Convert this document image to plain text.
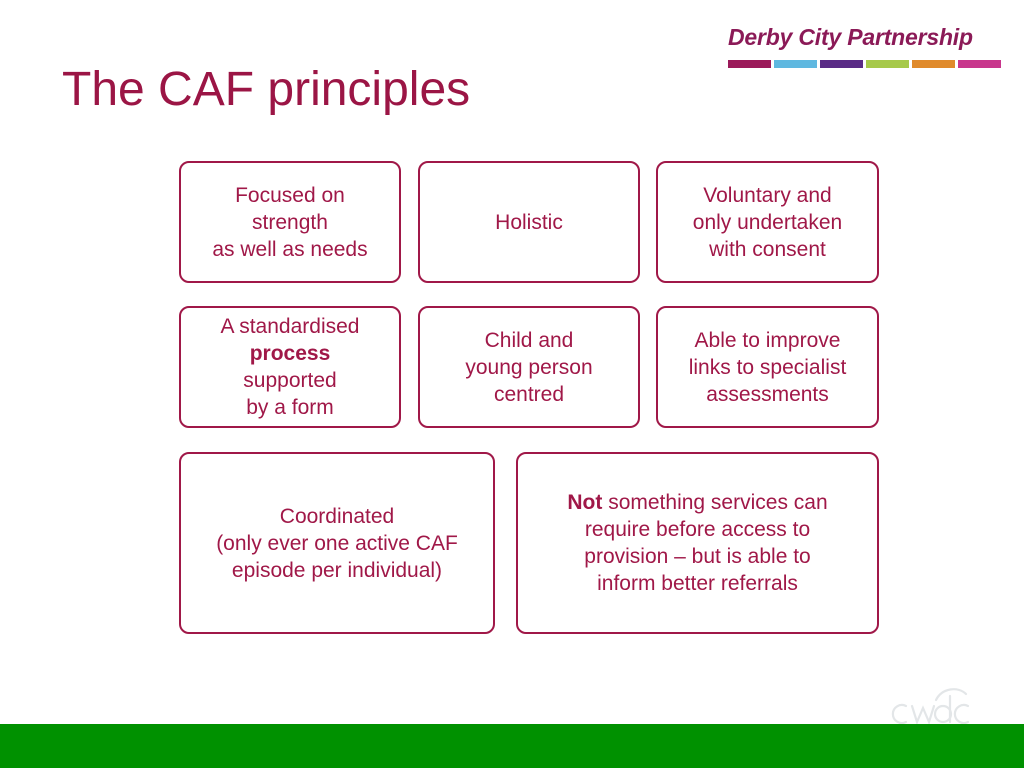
The CAF principles
Derby City Partnership
Focused on
strength
as well as needs
Holistic
Voluntary and
only undertaken
with consent
A standardised
process
supported
by a form
Child and
young person
centred
Able to improve
links to specialist
assessments
Coordinated
(only ever one active CAF
episode per individual)
Not something services can
require before access to
provision – but is able to
inform better referrals
